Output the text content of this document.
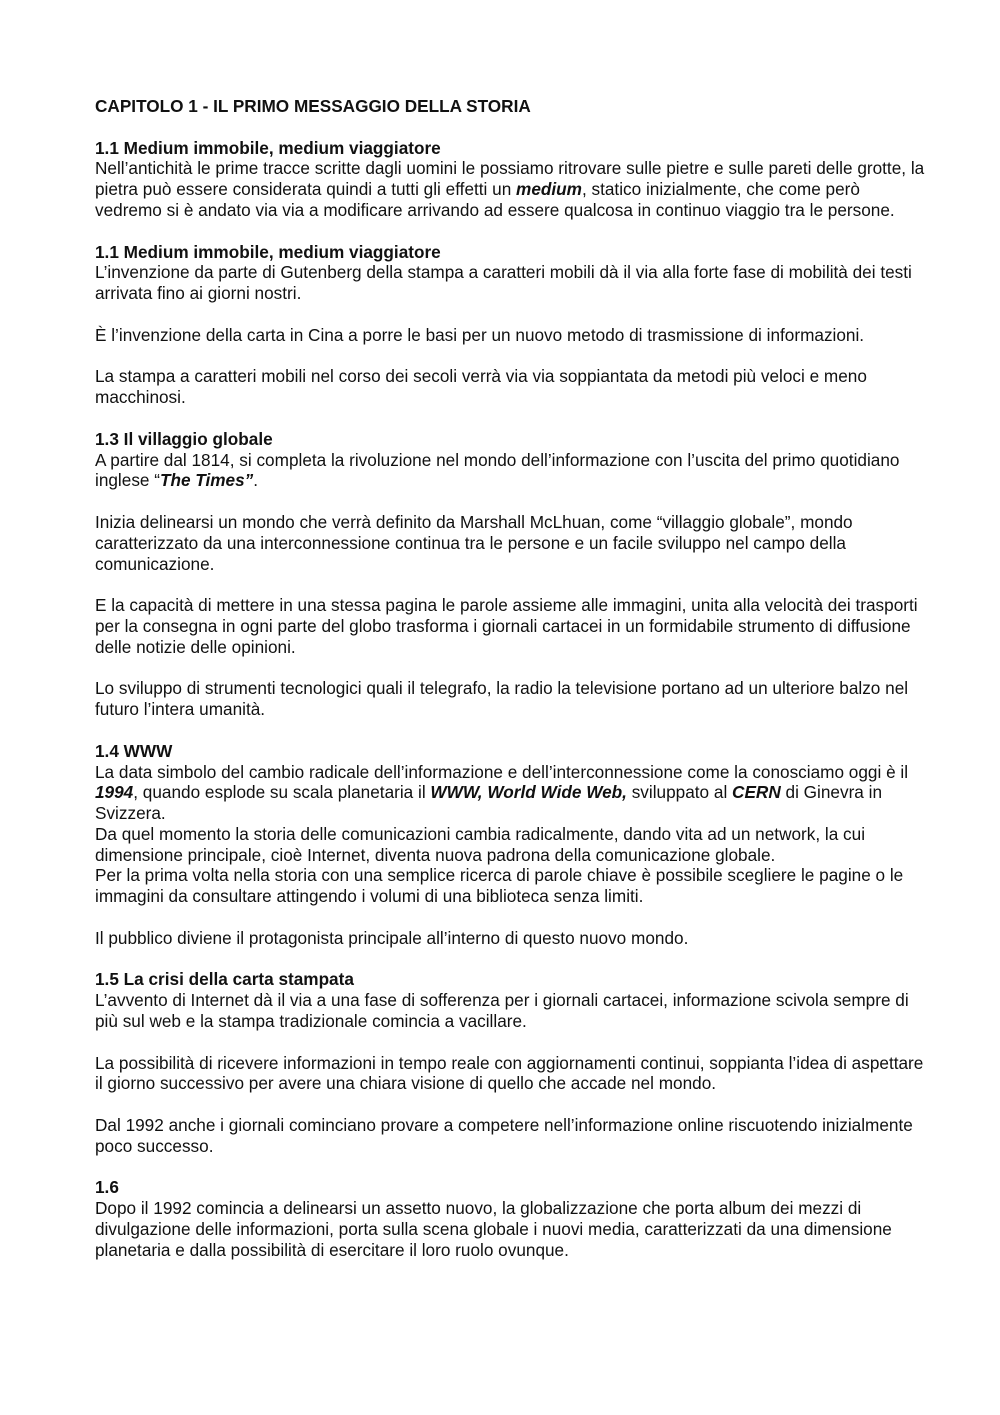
CAPITOLO 1 - IL PRIMO MESSAGGIO DELLA STORIA
1.1 Medium immobile, medium viaggiatore

Nell’antichità le prime tracce scritte dagli uomini le possiamo ritrovare sulle pietre e sulle pareti delle grotte, la pietra può essere considerata quindi a tutti gli effetti un medium, statico inizialmente, che come però vedremo si è andato via via a modificare arrivando ad essere qualcosa in continuo viaggio tra le persone.

1.1 Medium immobile, medium viaggiatore

L’invenzione da parte di Gutenberg della stampa a caratteri mobili dà il via alla forte fase di mobilità dei testi arrivata fino ai giorni nostri.

È l’invenzione della carta in Cina a porre le basi per un nuovo metodo di trasmissione di informazioni.

La stampa a caratteri mobili nel corso dei secoli verrà via via soppiantata da metodi più veloci e meno macchinosi.

1.3 Il villaggio globale

A partire dal 1814, si completa la rivoluzione nel mondo dell’informazione con l’uscita del primo quotidiano inglese “The Times”.

Inizia delinearsi un mondo che verrà definito da Marshall McLhuan, come “villaggio globale”, mondo caratterizzato da una interconnessione continua tra le persone e un facile sviluppo nel campo della comunicazione.

E la capacità di mettere in una stessa pagina le parole assieme alle immagini, unita alla velocità dei trasporti per la consegna in ogni parte del globo trasforma i giornali cartacei in un formidabile strumento di diffusione delle notizie delle opinioni.

Lo sviluppo di strumenti tecnologici quali il telegrafo, la radio la televisione portano ad un ulteriore balzo nel futuro l’intera umanità.

1.4 WWW

La data simbolo del cambio radicale dell’informazione e dell’interconnessione come la conosciamo oggi è il 1994, quando esplode su scala planetaria il WWW, World Wide Web, sviluppato al CERN di Ginevra in Svizzera.

Da quel momento la storia delle comunicazioni cambia radicalmente, dando vita ad un network, la cui dimensione principale, cioè Internet, diventa nuova padrona della comunicazione globale.

Per la prima volta nella storia con una semplice ricerca di parole chiave è possibile scegliere le pagine o le immagini da consultare attingendo i volumi di una biblioteca senza limiti.

Il pubblico diviene il protagonista principale all’interno di questo nuovo mondo.

1.5 La crisi della carta stampata

L’avvento di Internet dà il via a una fase di sofferenza per i giornali cartacei, informazione scivola sempre di più sul web e la stampa tradizionale comincia a vacillare.

La possibilità di ricevere informazioni in tempo reale con aggiornamenti continui, soppianta l’idea di aspettare il giorno successivo per avere una chiara visione di quello che accade nel mondo.

Dal 1992 anche i giornali cominciano provare a competere nell’informazione online riscuotendo inizialmente poco successo.

1.6

Dopo il 1992 comincia a delinearsi un assetto nuovo, la globalizzazione che porta album dei mezzi di divulgazione delle informazioni, porta sulla scena globale i nuovi media, caratterizzati da una dimensione planetaria e dalla possibilità di esercitare il loro ruolo ovunque.
